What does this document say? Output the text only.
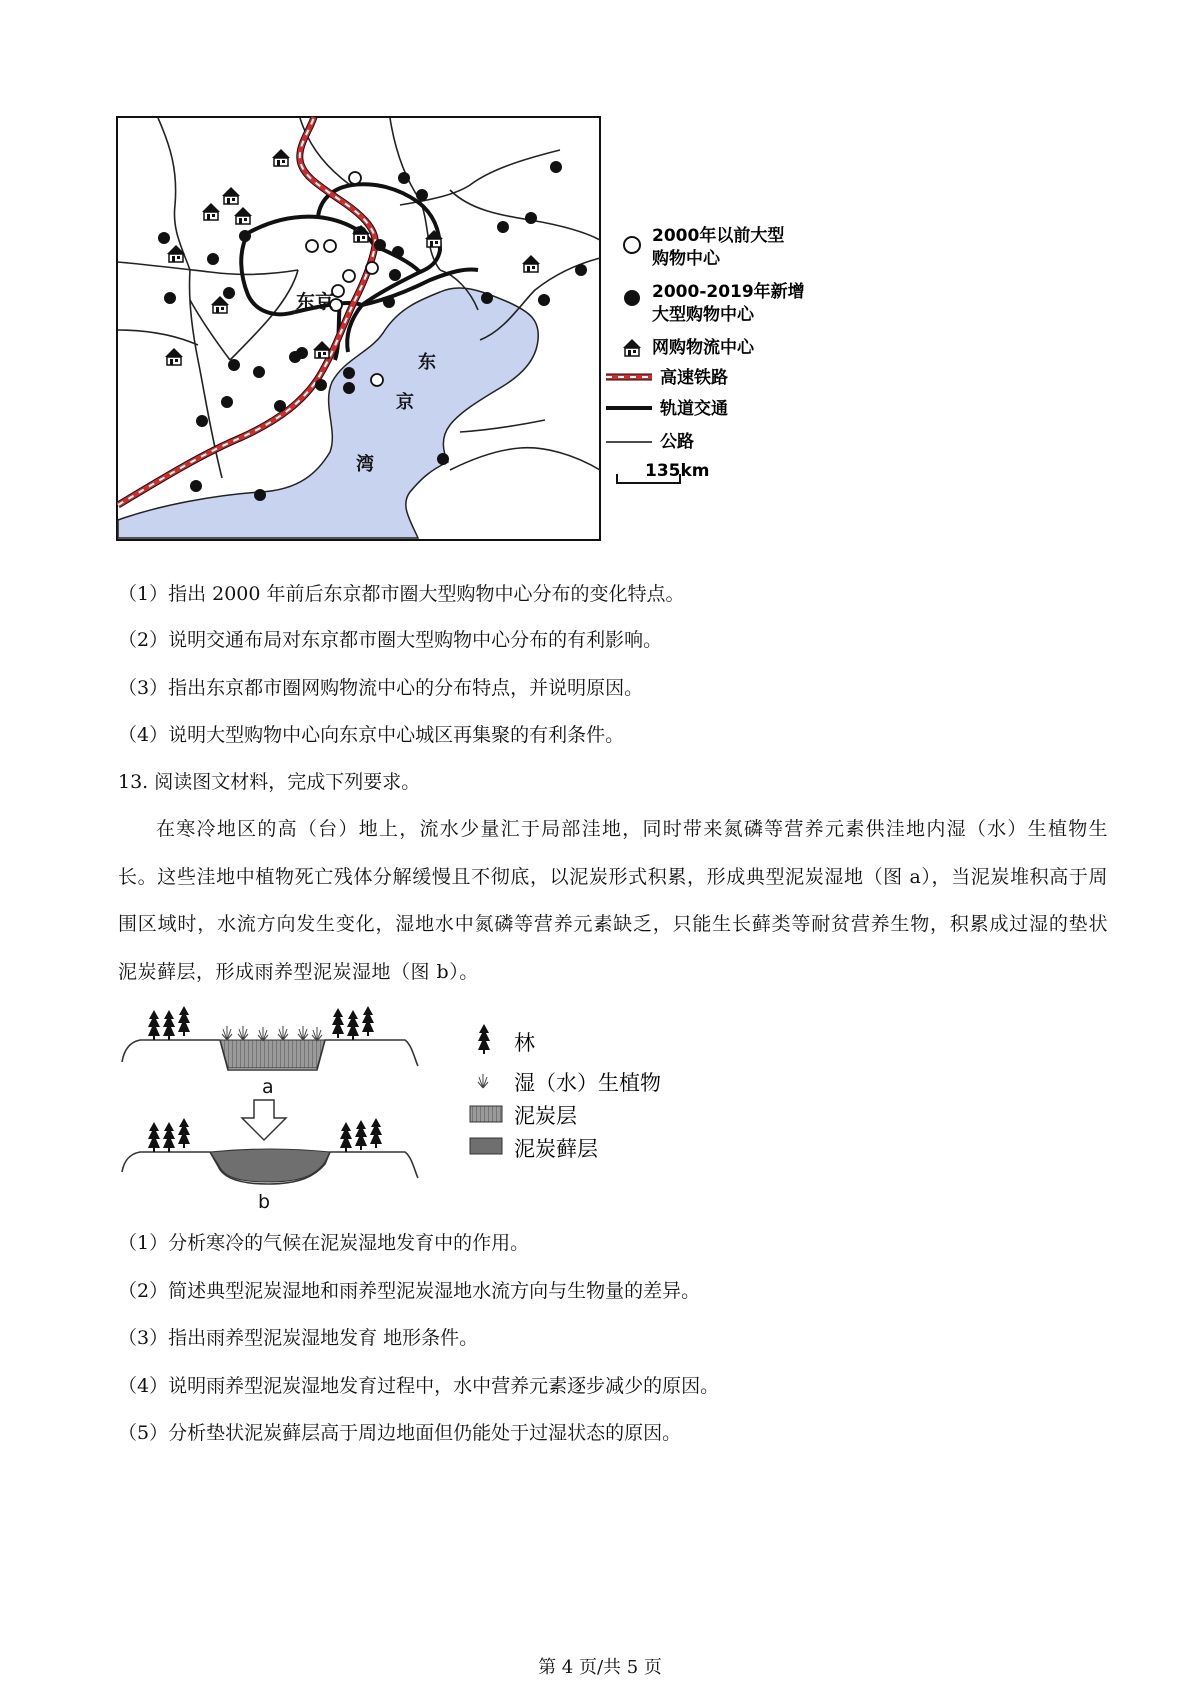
东京
东
京
湾
2000年以前大型
购物中心
2000-2019年新增
大型购物中心
网购物流中心
高速铁路
轨道交通
公路
135km
（1）指出 2000 年前后东京都市圈大型购物中心分布的变化特点。
（2）说明交通布局对东京都市圈大型购物中心分布的有利影响。
（3）指出东京都市圈网购物流中心的分布特点，并说明原因。
（4）说明大型购物中心向东京中心城区再集聚的有利条件。
13. 阅读图文材料，完成下列要求。
在寒冷地区的高（台）地上，流水少量汇于局部洼地，同时带来氮磷等营养元素供洼地内湿（水）生植物生长。这些洼地中植物死亡残体分解缓慢且不彻底，以泥炭形式积累，形成典型泥炭湿地（图 a），当泥炭堆积高于周围区域时，水流方向发生变化，湿地水中氮磷等营养元素缺乏，只能生长藓类等耐贫营养生物，积累成过湿的垫状泥炭藓层，形成雨养型泥炭湿地（图 b）。
a
b
林
湿（水）生植物
泥炭层
泥炭藓层
（1）分析寒冷的气候在泥炭湿地发育中的作用。
（2）简述典型泥炭湿地和雨养型泥炭湿地水流方向与生物量的差异。
（3）指出雨养型泥炭湿地发育 地形条件。
（4）说明雨养型泥炭湿地发育过程中，水中营养元素逐步减少的原因。
（5）分析垫状泥炭藓层高于周边地面但仍能处于过湿状态的原因。
第 4 页/共 5 页
